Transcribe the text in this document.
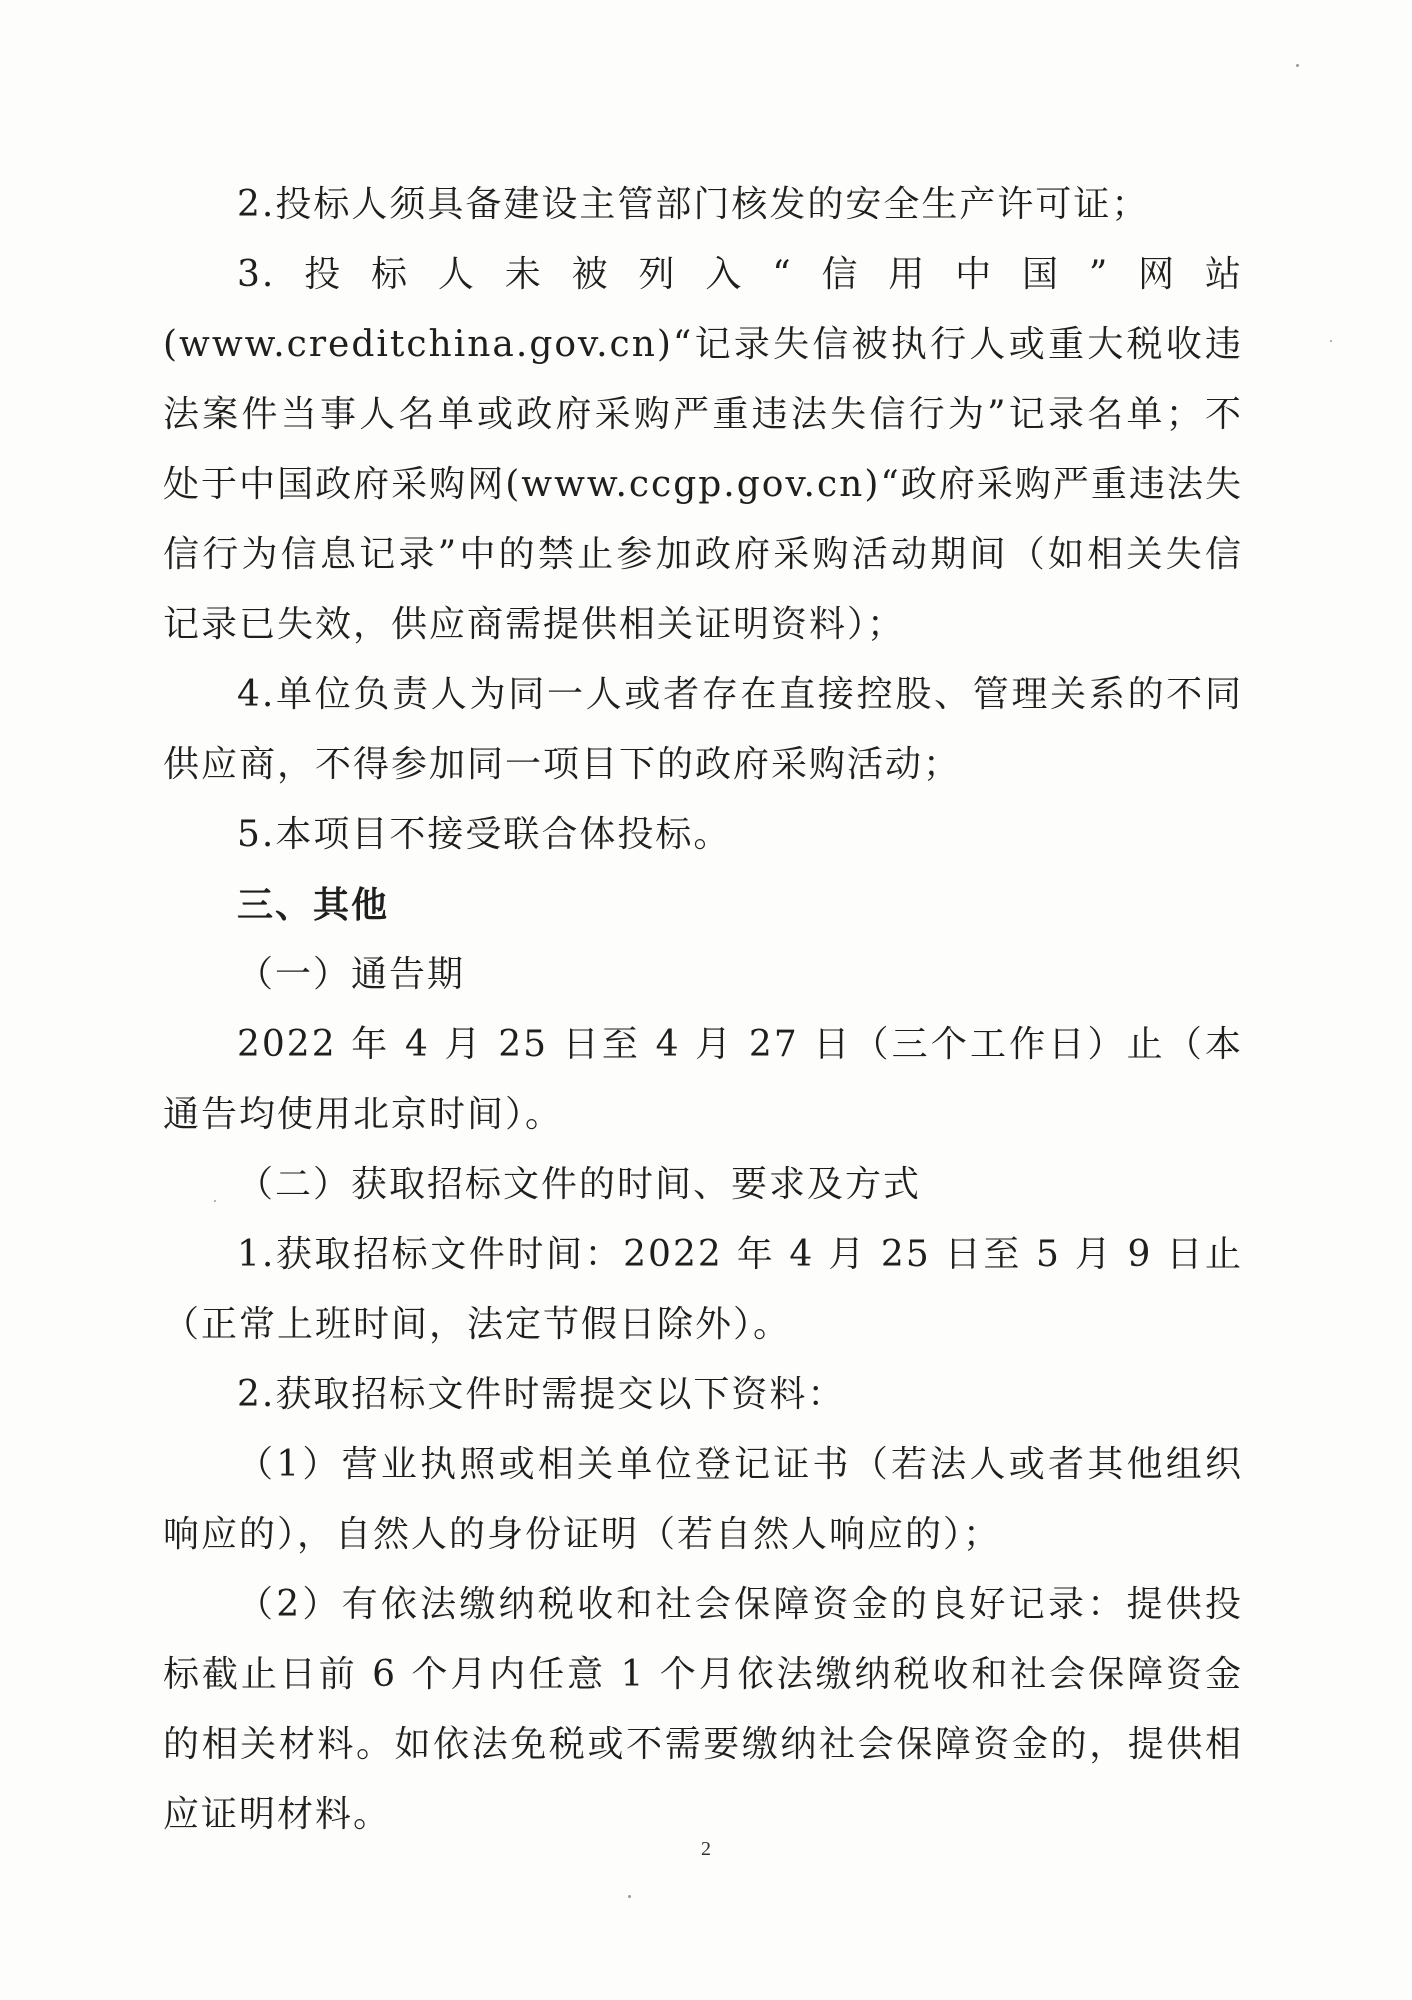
2.投标人须具备建设主管部门核发的安全生产许可证；

3.投标人未被列入“信用中国”网站(www.creditchina.gov.cn)“记录失信被执行人或重大税收违法案件当事人名单或政府采购严重违法失信行为”记录名单；不处于中国政府采购网(www.ccgp.gov.cn)“政府采购严重违法失信行为信息记录”中的禁止参加政府采购活动期间（如相关失信记录已失效，供应商需提供相关证明资料）；

4.单位负责人为同一人或者存在直接控股、管理关系的不同供应商，不得参加同一项目下的政府采购活动；

5.本项目不接受联合体投标。

三、其他

（一）通告期

2022 年 4 月 25 日至 4 月 27 日（三个工作日）止（本通告均使用北京时间）。

（二）获取招标文件的时间、要求及方式

1.获取招标文件时间：2022 年 4 月 25 日至 5 月 9 日止（正常上班时间，法定节假日除外）。

2.获取招标文件时需提交以下资料：

（1）营业执照或相关单位登记证书（若法人或者其他组织响应的），自然人的身份证明（若自然人响应的）；

（2）有依法缴纳税收和社会保障资金的良好记录：提供投标截止日前 6 个月内任意 1 个月依法缴纳税收和社会保障资金的相关材料。如依法免税或不需要缴纳社会保障资金的，提供相应证明材料。

2
